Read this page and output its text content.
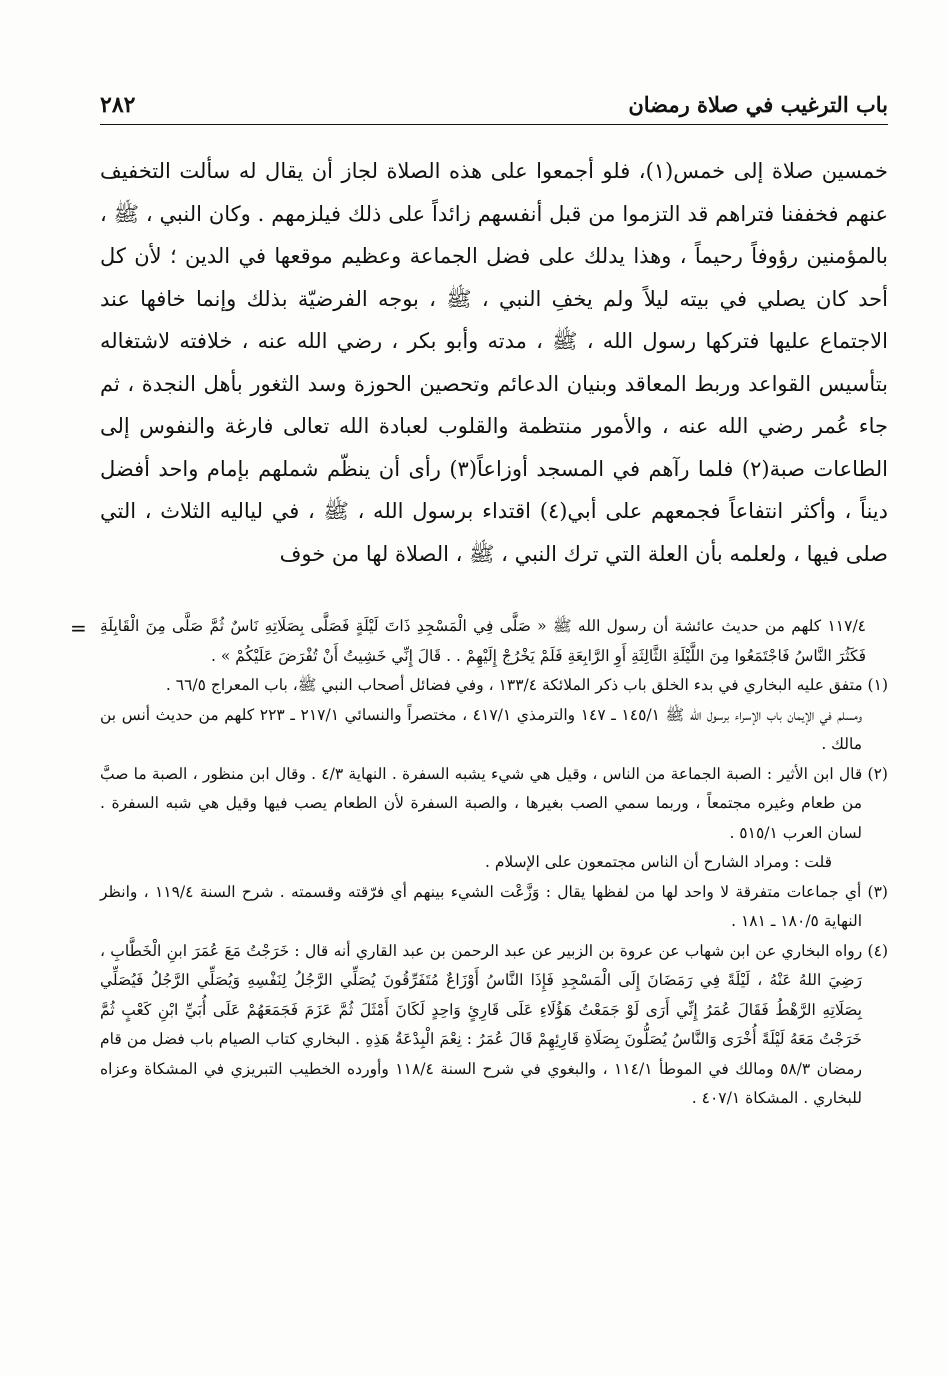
باب الترغيب في صلاة رمضان
٢٨٢

خمسين صلاة إلى خمس(١)، فلو أجمعوا على هذه الصلاة لجاز أن يقال له سألت التخفيف عنهم فخففنا فتراهم قد التزموا من قبل أنفسهم زائداً على ذلك فيلزمهم . وكان النبي ، ﷺ ، بالمؤمنين رؤوفاً رحيماً ، وهذا يدلك على فضل الجماعة وعظيم موقعها في الدين ؛ لأن كل أحد كان يصلي في بيته ليلاً ولم يخفِ النبي ، ﷺ ، بوجه الفرضيّة بذلك وإنما خافها عند الاجتماع عليها فتركها رسول الله ، ﷺ ، مدته وأبو بكر ، رضي الله عنه ، خلافته لاشتغاله بتأسيس القواعد وربط المعاقد وبنيان الدعائم وتحصين الحوزة وسد الثغور بأهل النجدة ، ثم جاء عُمر رضي الله عنه ، والأمور منتظمة والقلوب لعبادة الله تعالى فارغة والنفوس إلى الطاعات صبة(٢) فلما رآهم في المسجد أوزاعاً(٣) رأى أن ينظّم شملهم بإمام واحد أفضل ديناً ، وأكثر انتفاعاً فجمعهم على أبي(٤) اقتداء برسول الله ، ﷺ ، في لياليه الثلاث ، التي صلى فيها ، ولعلمه بأن العلة التي ترك النبي ، ﷺ ، الصلاة لها من خوف

= ١١٧/٤ كلهم من حديث عائشة أن رسول الله ﷺ « صَلَّى فِي الْمَسْجِدِ ذَاتَ لَيْلَةٍ فَصَلَّى بِصَلَاتِهِ نَاسٌ ثُمَّ صَلَّى مِنَ الْقَابِلَةِ فَكَثُرَ النَّاسُ فَاجْتَمَعُوا مِنَ اللَّيْلَةِ الثَّالِثَةِ أَوِ الرَّابِعَةِ فَلَمْ يَخْرُجْ إِلَيْهِمْ . . قَالَ إِنِّي خَشِيتُ أَنْ تُفْرَضَ عَلَيْكُمْ » .

(١) متفق عليه البخاري في بدء الخلق باب ذكر الملائكة ١٣٣/٤ ، وفي فضائل أصحاب النبي ﷺ، باب المعراج ٦٦/٥ .

ومسلم في الإيمان باب الإسراء برسول الله ﷺ ١٤٥/١ ـ ١٤٧ والترمذي ٤١٧/١ ، مختصراً والنسائي ٢١٧/١ ـ ٢٢٣ كلهم من حديث أنس بن مالك .

(٢) قال ابن الأثير : الصبة الجماعة من الناس ، وقيل هي شيء يشبه السفرة . النهاية ٤/٣ . وقال ابن منظور ، الصبة ما صبَّ من طعام وغيره مجتمعاً ، وربما سمي الصب بغيرها ، والصبة السفرة لأن الطعام يصب فيها وقيل هي شبه السفرة . لسان العرب ٥١٥/١ .

قلت : ومراد الشارح أن الناس مجتمعون على الإسلام .

(٣) أي جماعات متفرقة لا واحد لها من لفظها يقال : وَزَّعْت الشيء بينهم أي فرّقته وقسمته . شرح السنة ١١٩/٤ ، وانظر النهاية ١٨٠/٥ ـ ١٨١ .

(٤) رواه البخاري عن ابن شهاب عن عروة بن الزبير عن عبد الرحمن بن عبد القاري أنه قال : خَرَجْتُ مَعَ عُمَرَ ابنِ الْخَطَّابِ ، رَضِيَ اللهُ عَنْهُ ، لَيْلَةً فِي رَمَضَانَ إِلَى الْمَسْجِدِ فَإِذَا النَّاسُ أَوْزَاعٌ مُتَفَرِّقُونَ يُصَلِّي الرَّجُلُ لِنَفْسِهِ وَيُصَلِّي الرَّجُلُ فَيُصَلِّي بِصَلَاتِهِ الرَّهْطُ فَقَالَ عُمَرُ إِنِّي أَرَى لَوْ جَمَعْتُ هَؤُلَاءِ عَلَى قَارِئٍ وَاحِدٍ لَكَانَ أَمْثَلَ ثُمَّ عَزَمَ فَجَمَعَهُمْ عَلَى أُبَيِّ ابْنِ كَعْبٍ ثُمَّ خَرَجْتُ مَعَهُ لَيْلَةً أُخْرَى وَالنَّاسُ يُصَلُّونَ بِصَلَاةِ قَارِئِهِمْ قَالَ عُمَرُ : نِعْمَ الْبِدْعَةُ هَذِهِ . البخاري كتاب الصيام باب فضل من قام رمضان ٥٨/٣ ومالك في الموطأ ١١٤/١ ، والبغوي في شرح السنة ١١٨/٤ وأورده الخطيب التبريزي في المشكاة وعزاه للبخاري . المشكاة ٤٠٧/١ .
